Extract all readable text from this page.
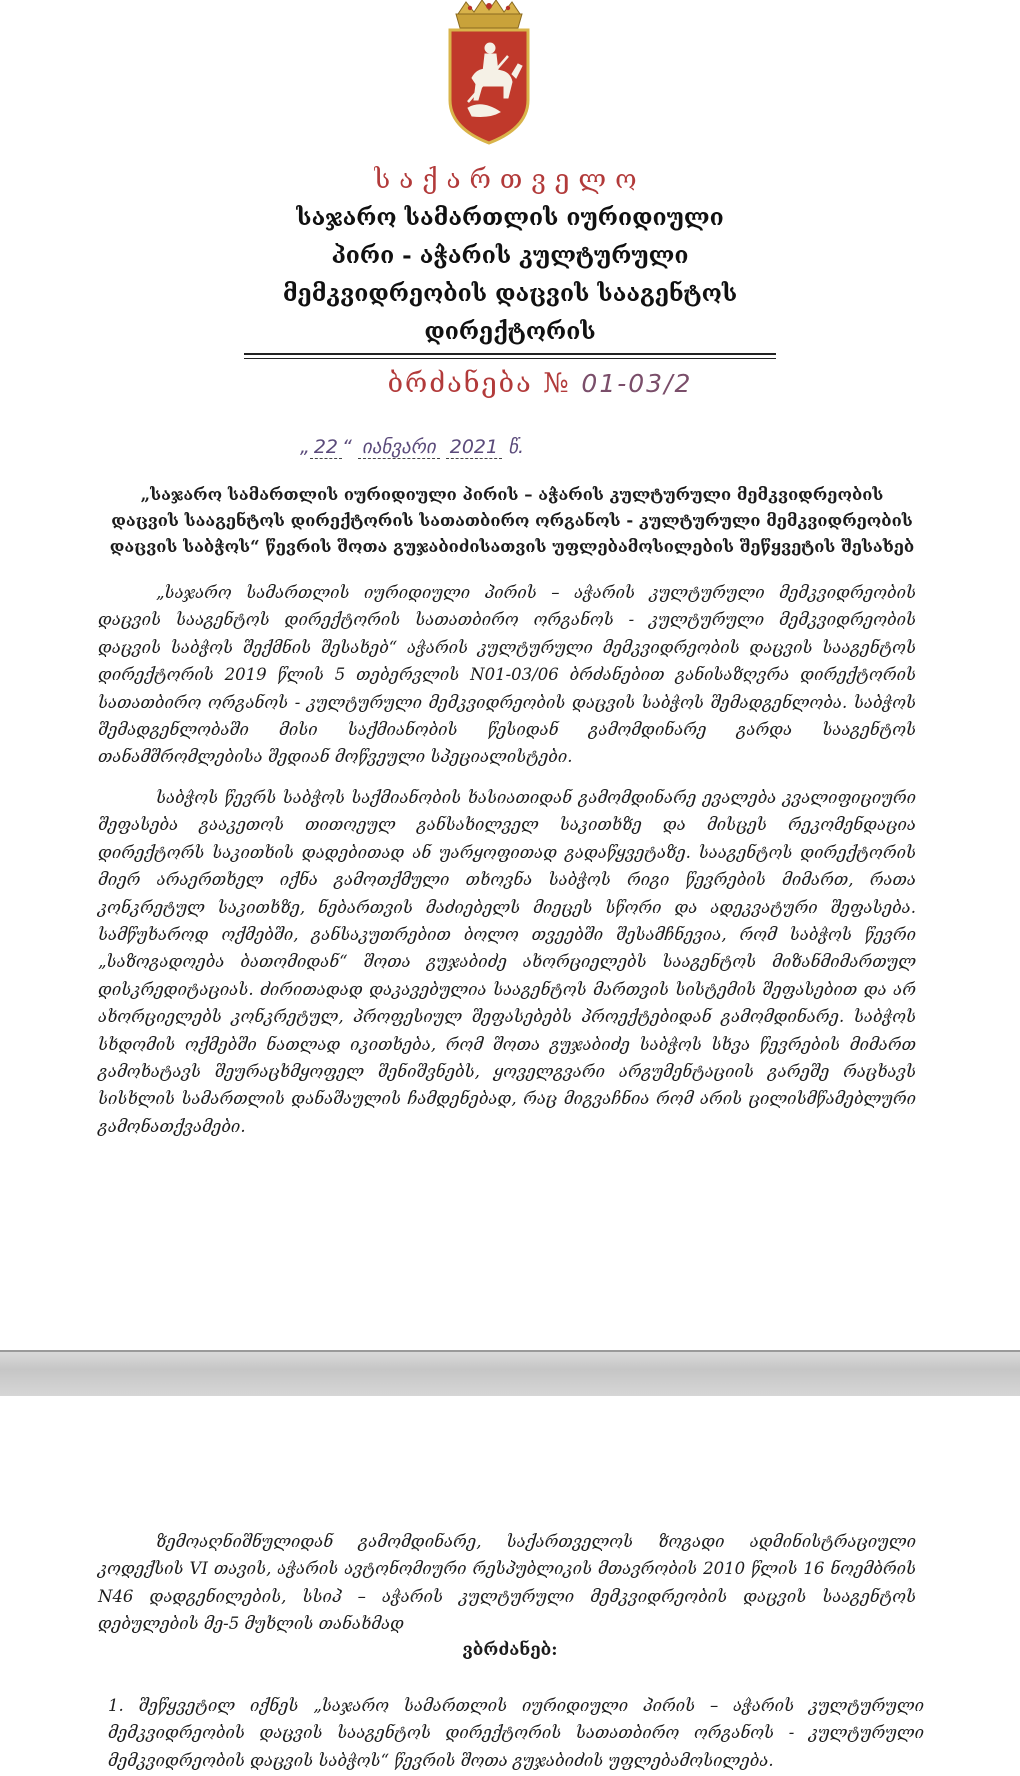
საქართველო

საჯარო სამართლის იურიდიული

პირი - აჭარის კულტურული

მემკვიდრეობის დაცვის სააგენტოს

დირექტორის

ბრძანება № 01-03/2
„ 22 “ იანვარი 2021 წ.

„საჯარო სამართლის იურიდიული პირის – აჭარის კულტურული მემკვიდრეობის დაცვის სააგენტოს დირექტორის სათათბირო ორგანოს - კულტურული მემკვიდრეობის დაცვის საბჭოს“ წევრის შოთა გუჯაბიძისათვის უფლებამოსილების შეწყვეტის შესახებ

„საჯარო სამართლის იურიდიული პირის – აჭარის კულტურული მემკვიდრეობის დაცვის სააგენტოს დირექტორის სათათბირო ორგანოს - კულტურული მემკვიდრეობის დაცვის საბჭოს შექმნის შესახებ“ აჭარის კულტურული მემკვიდრეობის დაცვის სააგენტოს დირექტორის 2019 წლის 5 თებერვლის N01-03/06 ბრძანებით განისაზღვრა დირექტორის სათათბირო ორგანოს - კულტურული მემკვიდრეობის დაცვის საბჭოს შემადგენლობა. საბჭოს შემადგენლობაში მისი საქმიანობის წესიდან გამომდინარე გარდა სააგენტოს თანამშრომლებისა შედიან მოწვეული სპეციალისტები.

საბჭოს წევრს საბჭოს საქმიანობის ხასიათიდან გამომდინარე ევალება კვალიფიციური შეფასება გააკეთოს თითოეულ განსახილველ საკითხზე და მისცეს რეკომენდაცია დირექტორს საკითხის დადებითად ან უარყოფითად გადაწყვეტაზე. სააგენტოს დირექტორის მიერ არაერთხელ იქნა გამოთქმული თხოვნა საბჭოს რიგი წევრების მიმართ, რათა კონკრეტულ საკითხზე, ნებართვის მაძიებელს მიეცეს სწორი და ადეკვატური შეფასება. სამწუხაროდ ოქმებში, განსაკუთრებით ბოლო თვეებში შესამჩნევია, რომ საბჭოს წევრი „საზოგადოება ბათომიდან“ შოთა გუჯაბიძე ახორციელებს სააგენტოს მიზანმიმართულ დისკრედიტაციას. ძირითადად დაკავებულია სააგენტოს მართვის სისტემის შეფასებით და არ ახორციელებს კონკრეტულ, პროფესიულ შეფასებებს პროექტებიდან გამომდინარე. საბჭოს სხდომის ოქმებში ნათლად იკითხება, რომ შოთა გუჯაბიძე საბჭოს სხვა წევრების მიმართ გამოხატავს შეურაცხმყოფელ შენიშვნებს, ყოველგვარი არგუმენტაციის გარეშე რაცხავს სისხლის სამართლის დანაშაულის ჩამდენებად, რაც მიგვაჩნია რომ არის ცილისმწამებლური გამონათქვამები.

ზემოაღნიშნულიდან გამომდინარე, საქართველოს ზოგადი ადმინისტრაციული კოდექსის VI თავის, აჭარის ავტონომიური რესპუბლიკის მთავრობის 2010 წლის 16 ნოემბრის N46 დადგენილების, სსიპ – აჭარის კულტურული მემკვიდრეობის დაცვის სააგენტოს დებულების მე-5 მუხლის თანახმად

ვბრძანებ:

1. შეწყვეტილ იქნეს „საჯარო სამართლის იურიდიული პირის – აჭარის კულტურული მემკვიდრეობის დაცვის სააგენტოს დირექტორის სათათბირო ორგანოს - კულტურული მემკვიდრეობის დაცვის საბჭოს“ წევრის შოთა გუჯაბიძის უფლებამოსილება.
